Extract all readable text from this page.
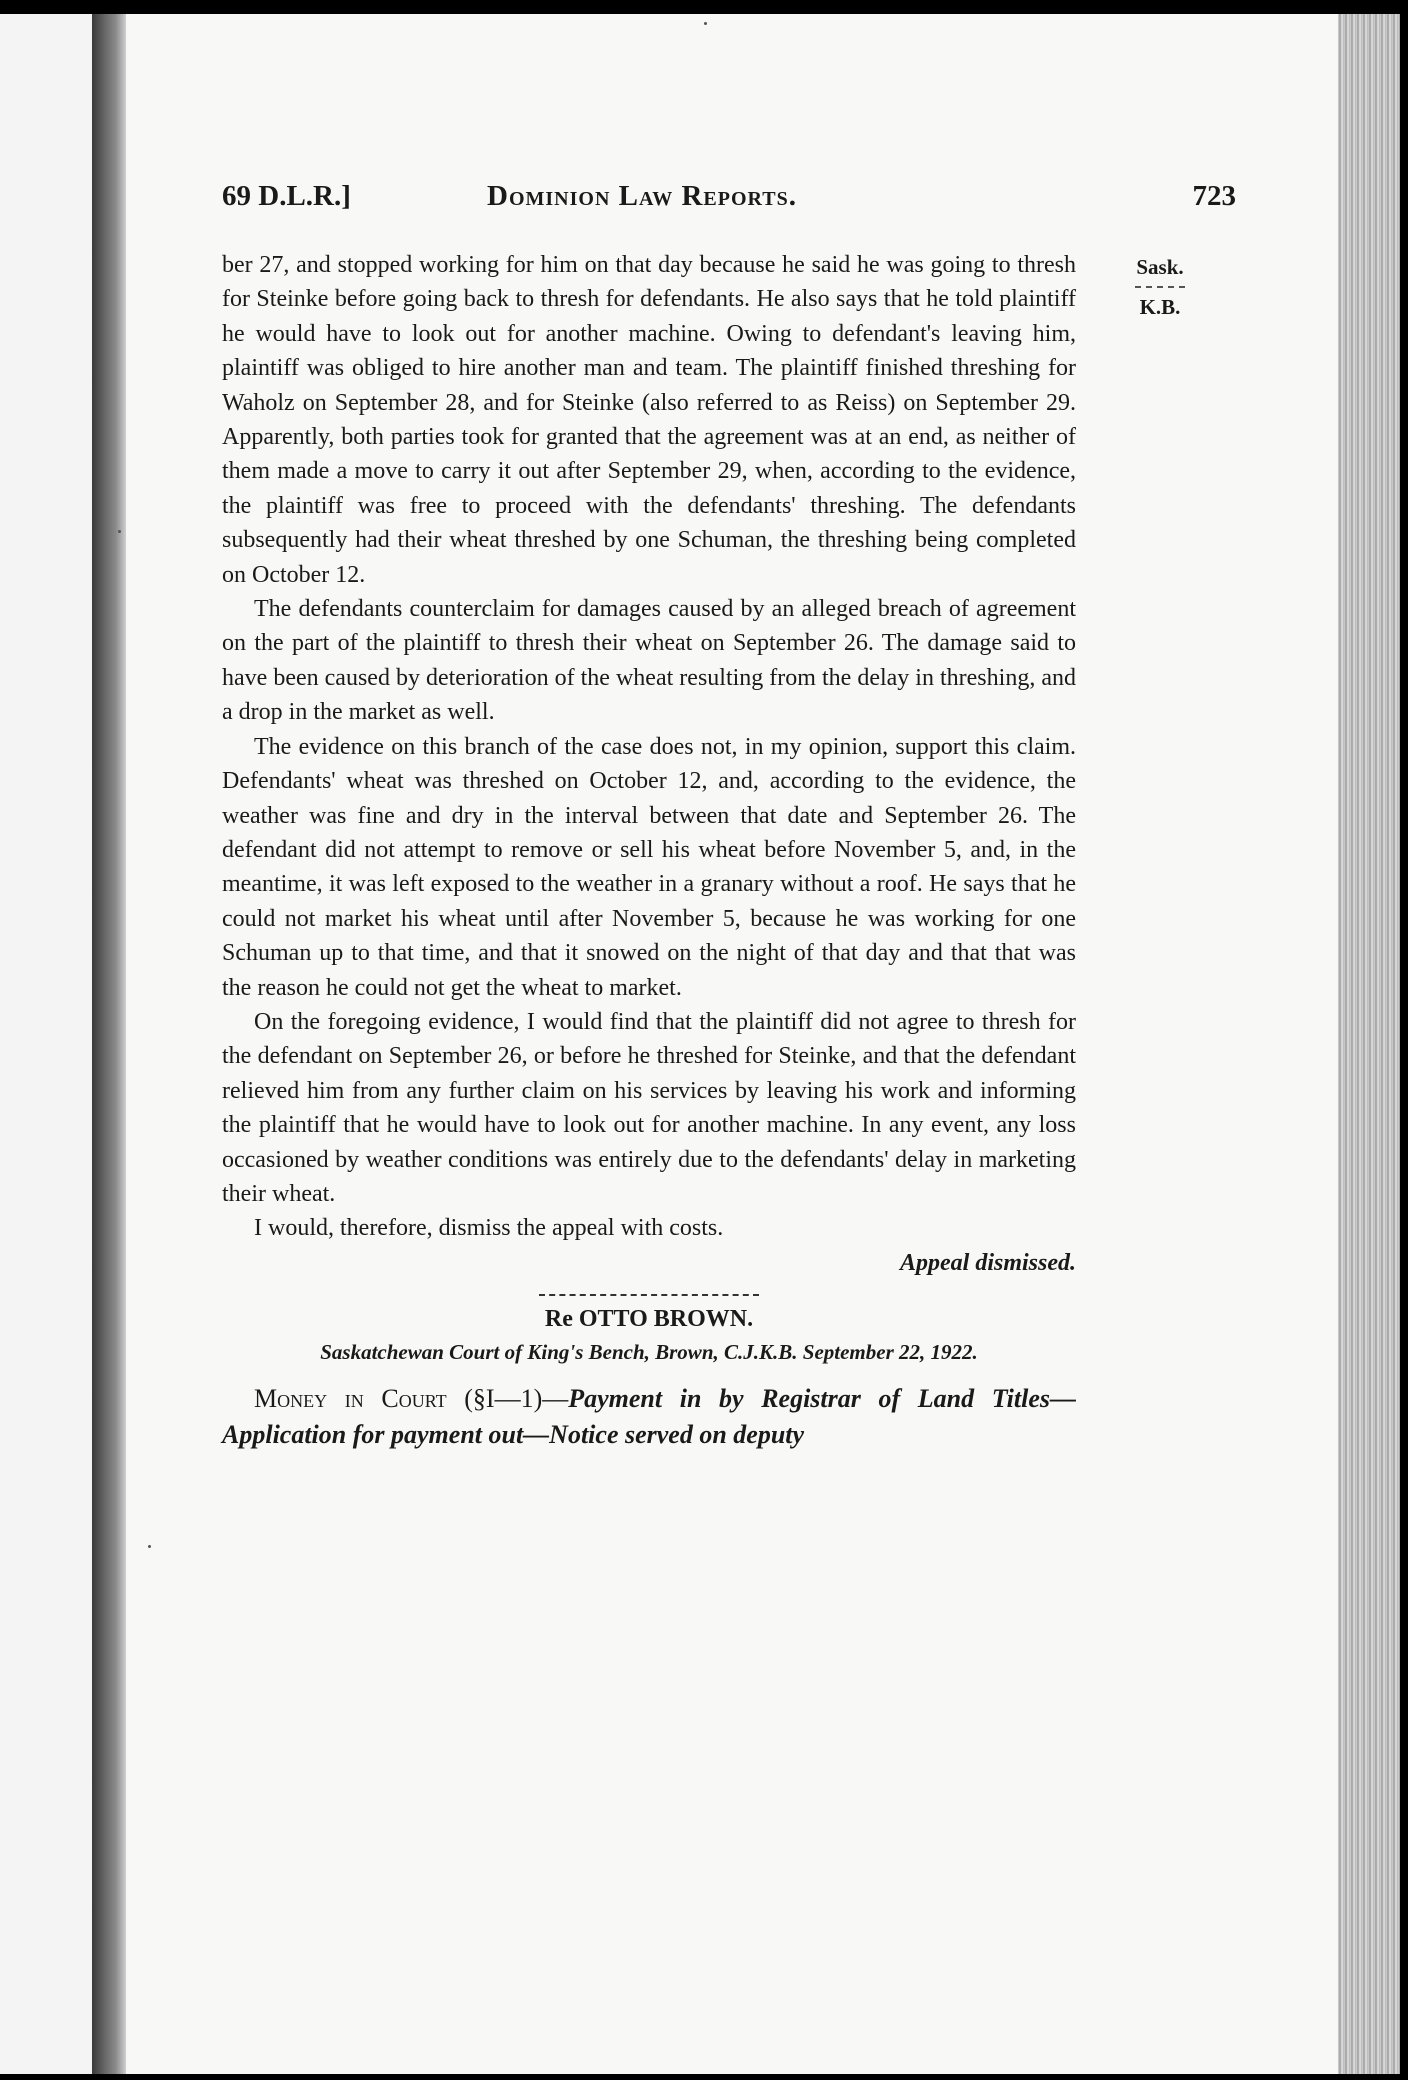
69 D.L.R.]	Dominion Law Reports.	723
Sask.
K.B.

ber 27, and stopped working for him on that day because he said he was going to thresh for Steinke before going back to thresh for defendants. He also says that he told plaintiff he would have to look out for another machine. Owing to defendant's leaving him, plaintiff was obliged to hire another man and team. The plaintiff finished threshing for Waholz on September 28, and for Steinke (also referred to as Reiss) on September 29. Apparently, both parties took for granted that the agreement was at an end, as neither of them made a move to carry it out after September 29, when, according to the evidence, the plaintiff was free to proceed with the defendants' threshing. The defendants subsequently had their wheat threshed by one Schuman, the threshing being completed on October 12.

The defendants counterclaim for damages caused by an alleged breach of agreement on the part of the plaintiff to thresh their wheat on September 26. The damage said to have been caused by deterioration of the wheat resulting from the delay in threshing, and a drop in the market as well.

The evidence on this branch of the case does not, in my opinion, support this claim. Defendants' wheat was threshed on October 12, and, according to the evidence, the weather was fine and dry in the interval between that date and September 26. The defendant did not attempt to remove or sell his wheat before November 5, and, in the meantime, it was left exposed to the weather in a granary without a roof. He says that he could not market his wheat until after November 5, because he was working for one Schuman up to that time, and that it snowed on the night of that day and that that was the reason he could not get the wheat to market.

On the foregoing evidence, I would find that the plaintiff did not agree to thresh for the defendant on September 26, or before he threshed for Steinke, and that the defendant relieved him from any further claim on his services by leaving his work and informing the plaintiff that he would have to look out for another machine. In any event, any loss occasioned by weather conditions was entirely due to the defendants' delay in marketing their wheat.

I would, therefore, dismiss the appeal with costs.

Appeal dismissed.
Re OTTO BROWN.
Saskatchewan Court of King's Bench, Brown, C.J.K.B. September 22, 1922.
Money in Court (§I—1)—Payment in by Registrar of Land Titles—Application for payment out—Notice served on deputy
